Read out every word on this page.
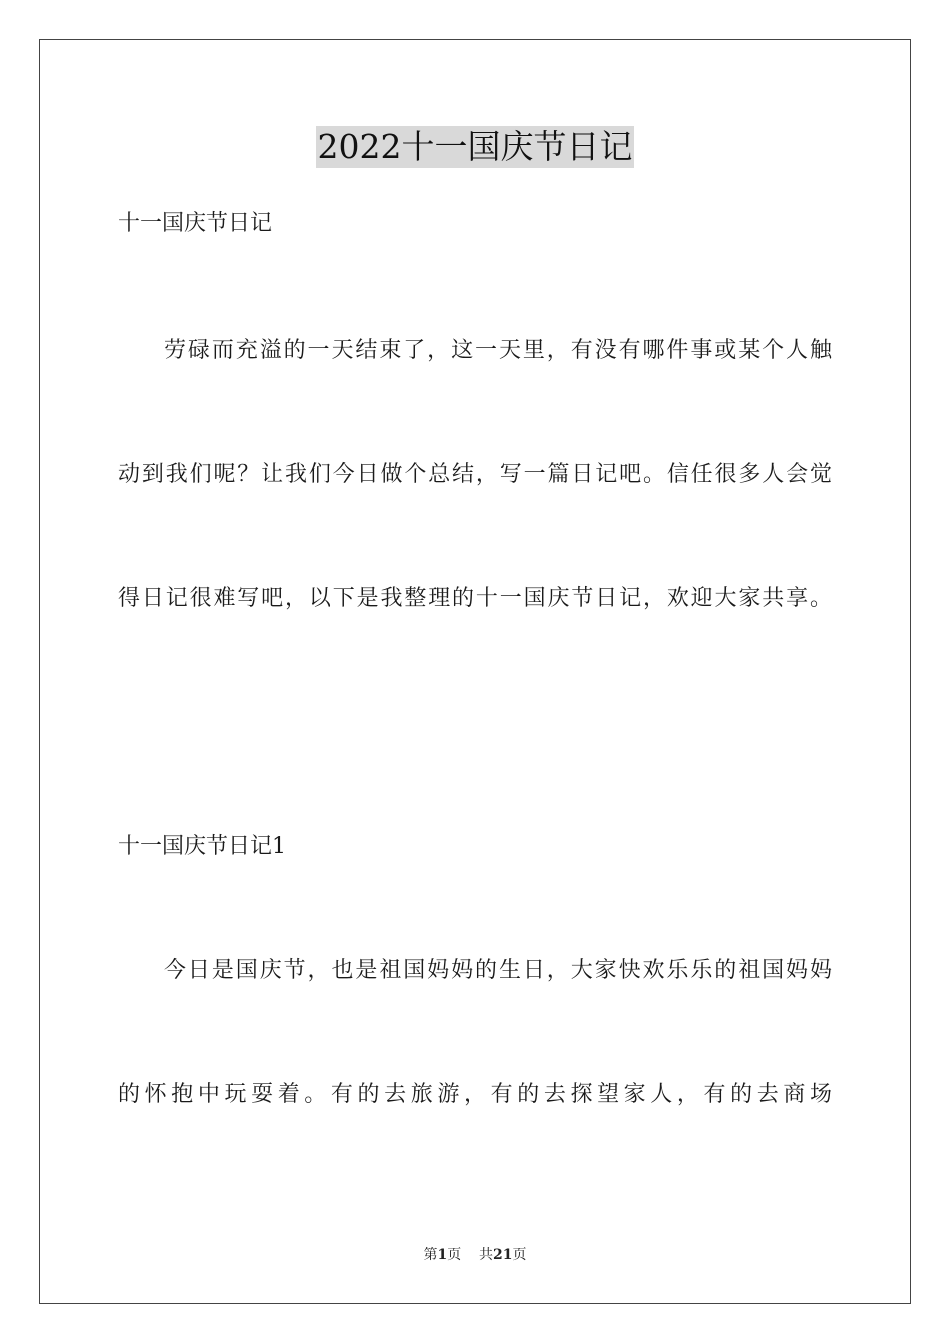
2022十一国庆节日记
十一国庆节日记
劳碌而充溢的一天结束了，这一天里，有没有哪件事或某个人触
动到我们呢？让我们今日做个总结，写一篇日记吧。信任很多人会觉
得日记很难写吧，以下是我整理的十一国庆节日记，欢迎大家共享。
十一国庆节日记1
今日是国庆节，也是祖国妈妈的生日，大家快欢乐乐的祖国妈妈
的怀抱中玩耍着。有的去旅游，有的去探望家人，有的去商场
第1页 共21页
